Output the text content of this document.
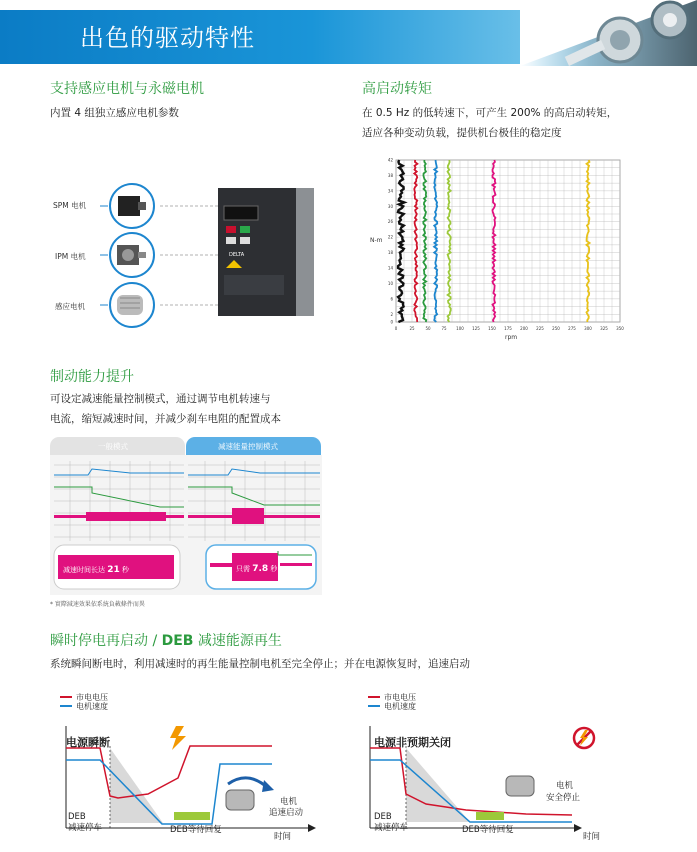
出色的驱动特性
支持感应电机与永磁电机
内置 4 组独立感应电机参数
SPM 电机
IPM 电机
感应电机
DELTA
高启动转矩
在 0.5 Hz 的低转速下，可产生 200% 的高启动转矩，
适应各种变动负载，提供机台极佳的稳定度
N-m
rpm
0	25	50	75 100 125 150 175 200 225 250 275 300 325 350
0
2
6
10
14
18
22
26
30
34
38
42
制动能力提升
可设定减速能量控制模式，通过调节电机转速与
电流，缩短减速时间，并减少刹车电阻的配置成本
一般模式	减速能量控制模式
减速时间长达 21 秒	只需 7.8 秒
* 實際減速效果依系統負載條件而異
瞬时停电再启动 / DEB 减速能源再生
系统瞬间断电时，利用减速时的再生能量控制电机至完全停止；并在电源恢复时，追速启动
市电电压
电机速度
市电电压
电机速度
电源瞬断
DEB
减速停车	DEB等待回复
电机
追速启动
时间
电源非预期关闭
DEB
减速停车	DEB等待回复
电机
安全停止
时间
